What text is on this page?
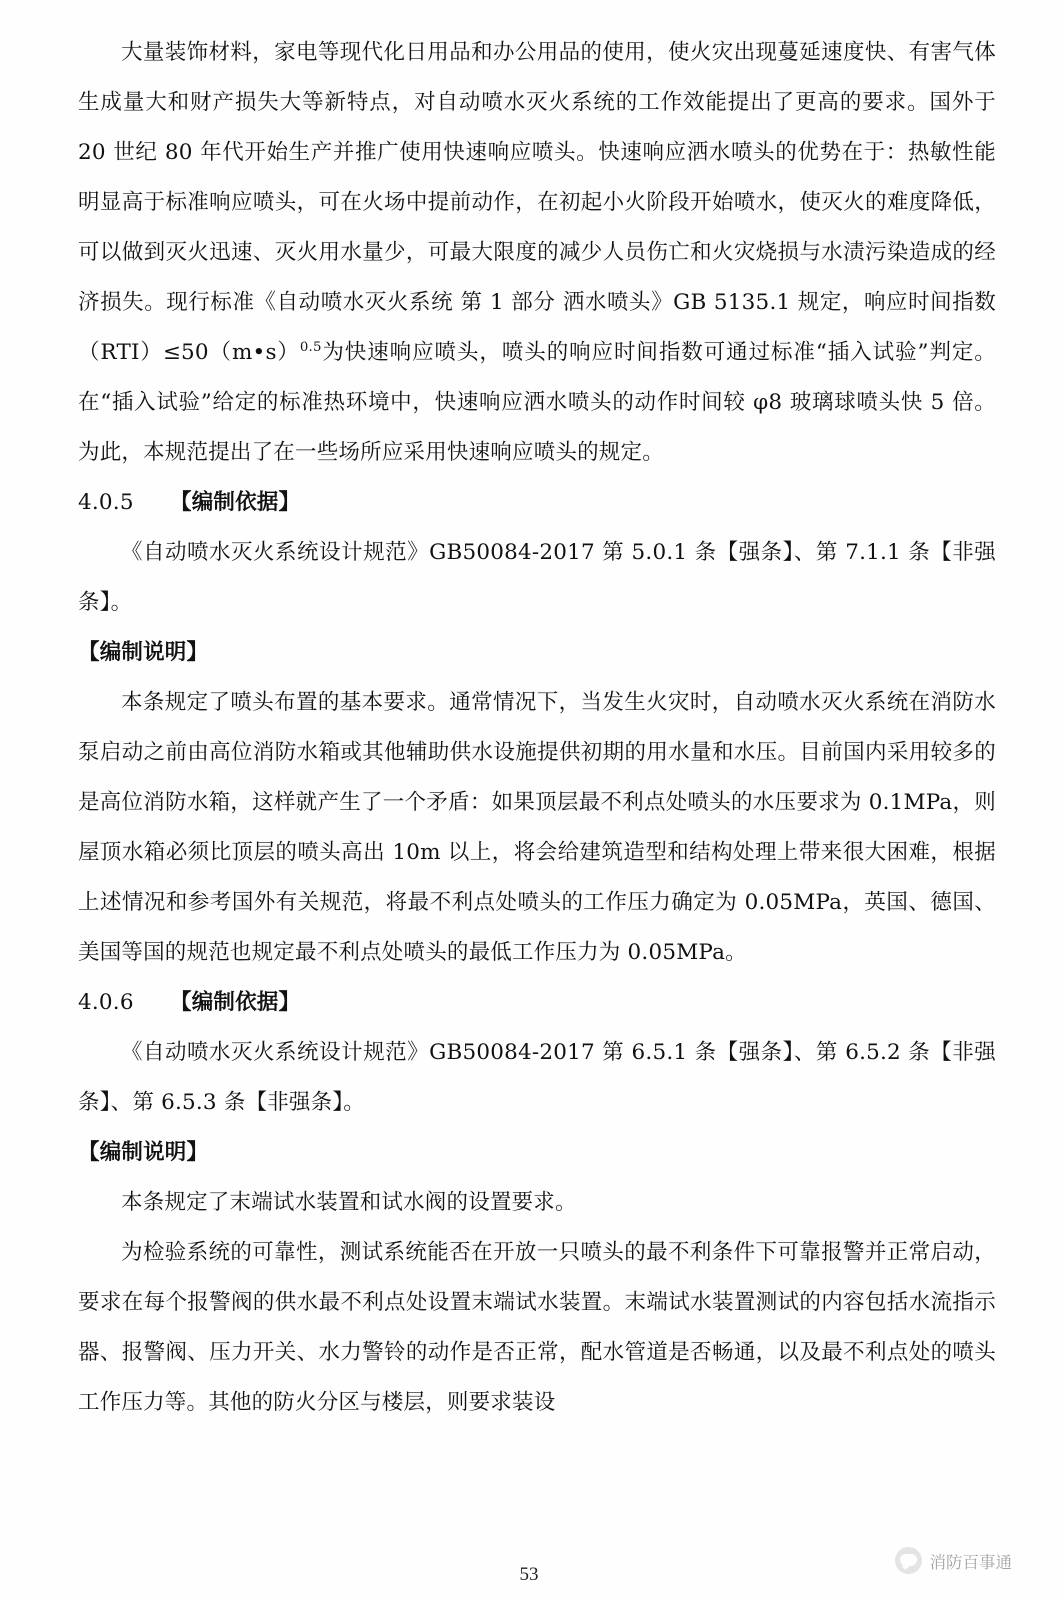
大量装饰材料，家电等现代化日用品和办公用品的使用，使火灾出现蔓延速度快、有害气体生成量大和财产损失大等新特点，对自动喷水灭火系统的工作效能提出了更高的要求。国外于 20 世纪 80 年代开始生产并推广使用快速响应喷头。快速响应洒水喷头的优势在于：热敏性能明显高于标准响应喷头，可在火场中提前动作，在初起小火阶段开始喷水，使灭火的难度降低，可以做到灭火迅速、灭火用水量少，可最大限度的减少人员伤亡和火灾烧损与水渍污染造成的经济损失。现行标准《自动喷水灭火系统 第 1 部分 洒水喷头》GB 5135.1 规定，响应时间指数（RTI）≤50（m•s）$^{0.5}$为快速响应喷头，喷头的响应时间指数可通过标准“插入试验”判定。在“插入试验”给定的标准热环境中，快速响应洒水喷头的动作时间较 φ8 玻璃球喷头快 5 倍。为此，本规范提出了在一些场所应采用快速响应喷头的规定。

4.0.5 【编制依据】

《自动喷水灭火系统设计规范》GB50084-2017 第 5.0.1 条【强条】、第 7.1.1 条【非强条】。

【编制说明】

本条规定了喷头布置的基本要求。通常情况下，当发生火灾时，自动喷水灭火系统在消防水泵启动之前由高位消防水箱或其他辅助供水设施提供初期的用水量和水压。目前国内采用较多的是高位消防水箱，这样就产生了一个矛盾：如果顶层最不利点处喷头的水压要求为 0.1MPa，则屋顶水箱必须比顶层的喷头高出 10m 以上，将会给建筑造型和结构处理上带来很大困难，根据上述情况和参考国外有关规范，将最不利点处喷头的工作压力确定为 0.05MPa，英国、德国、美国等国的规范也规定最不利点处喷头的最低工作压力为 0.05MPa。

4.0.6 【编制依据】

《自动喷水灭火系统设计规范》GB50084-2017 第 6.5.1 条【强条】、第 6.5.2 条【非强条】、第 6.5.3 条【非强条】。

【编制说明】

本条规定了末端试水装置和试水阀的设置要求。

为检验系统的可靠性，测试系统能否在开放一只喷头的最不利条件下可靠报警并正常启动，要求在每个报警阀的供水最不利点处设置末端试水装置。末端试水装置测试的内容包括水流指示器、报警阀、压力开关、水力警铃的动作是否正常，配水管道是否畅通，以及最不利点处的喷头工作压力等。其他的防火分区与楼层，则要求装设

53
消防百事通
